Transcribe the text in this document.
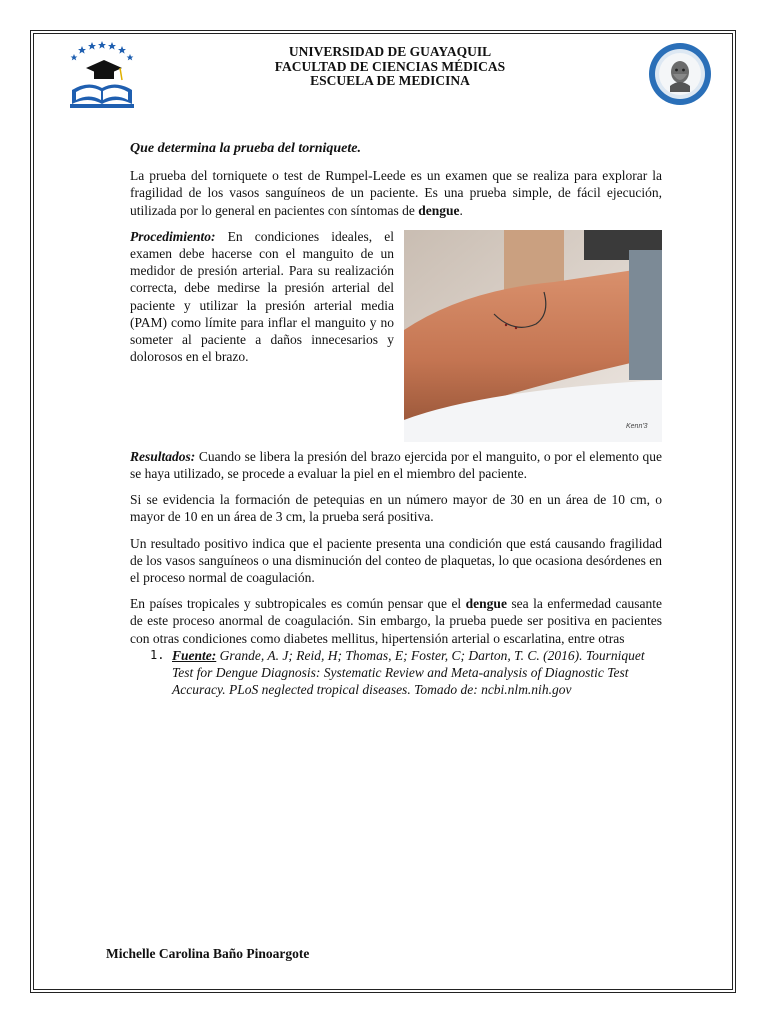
UNIVERSIDAD DE GUAYAQUIL
FACULTAD DE CIENCIAS MÉDICAS
ESCUELA DE MEDICINA
Que determina la prueba del torniquete.

La prueba del torniquete o test de Rumpel-Leede es un examen que se realiza para explorar la fragilidad de los vasos sanguíneos de un paciente. Es una prueba simple, de fácil ejecución, utilizada por lo general en pacientes con síntomas de dengue.

Kenn'3

Procedimiento: En condiciones ideales, el examen debe hacerse con el manguito de un medidor de presión arterial. Para su realización correcta, debe medirse la presión arterial del paciente y utilizar la presión arterial media (PAM) como límite para inflar el manguito y no someter al paciente a daños innecesarios y dolorosos en el brazo.

Resultados: Cuando se libera la presión del brazo ejercida por el manguito, o por el elemento que se haya utilizado, se procede a evaluar la piel en el miembro del paciente.

Si se evidencia la formación de petequias en un número mayor de 30 en un área de 10 cm, o mayor de 10 en un área de 3 cm, la prueba será positiva.

Un resultado positivo indica que el paciente presenta una condición que está causando fragilidad de los vasos sanguíneos o una disminución del conteo de plaquetas, lo que ocasiona desórdenes en el proceso normal de coagulación.

En países tropicales y subtropicales es común pensar que el dengue sea la enfermedad causante de este proceso anormal de coagulación. Sin embargo, la prueba puede ser positiva en pacientes con otras condiciones como diabetes mellitus, hipertensión arterial o escarlatina, entre otras

1. Fuente: Grande, A. J; Reid, H; Thomas, E; Foster, C; Darton, T. C. (2016). Tourniquet Test for Dengue Diagnosis: Systematic Review and Meta-analysis of Diagnostic Test Accuracy. PLoS neglected tropical diseases. Tomado de: ncbi.nlm.nih.gov
Michelle Carolina Baño Pinoargote
